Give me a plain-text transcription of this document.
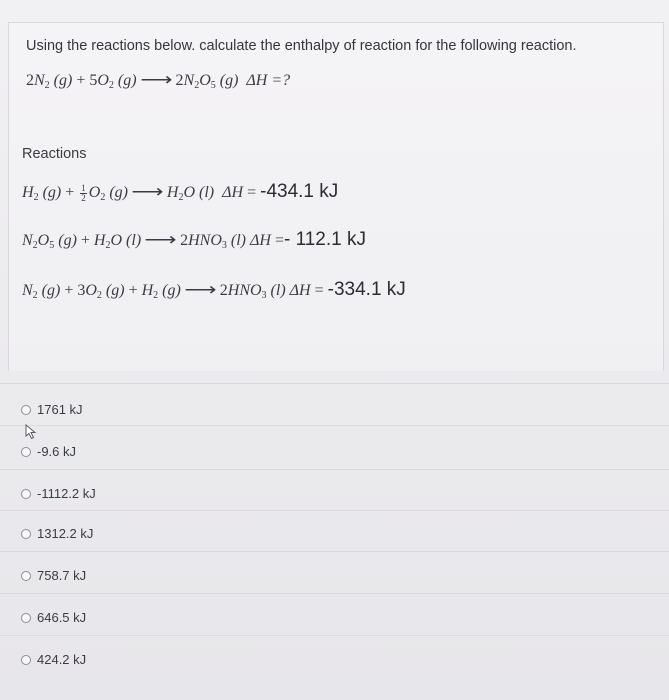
Using the reactions below. calculate the enthalpy of reaction for the following reaction.
$2N_2$ $(g) + 5O_2$ (g) ⟶ $2N_2O_5$ (g) ΔH =?
Reactions
$H_2$ $(g) + \frac{1}{2} O_2$ (g) ⟶ $H_2O$ (l) ΔH = -434.1 kJ
$N_2O_5$ $(g) + H_2O$ (l) ⟶ $2HNO_3$ (l) ΔH =- 112.1 kJ
$N_2$ $(g) + 3O_2$ $(g) + H_2$ (g) ⟶ $2HNO_3$ (l) ΔH = -334.1 kJ
1761 kJ
-9.6 kJ
-1112.2 kJ
1312.2 kJ
758.7 kJ
646.5 kJ
424.2 kJ
